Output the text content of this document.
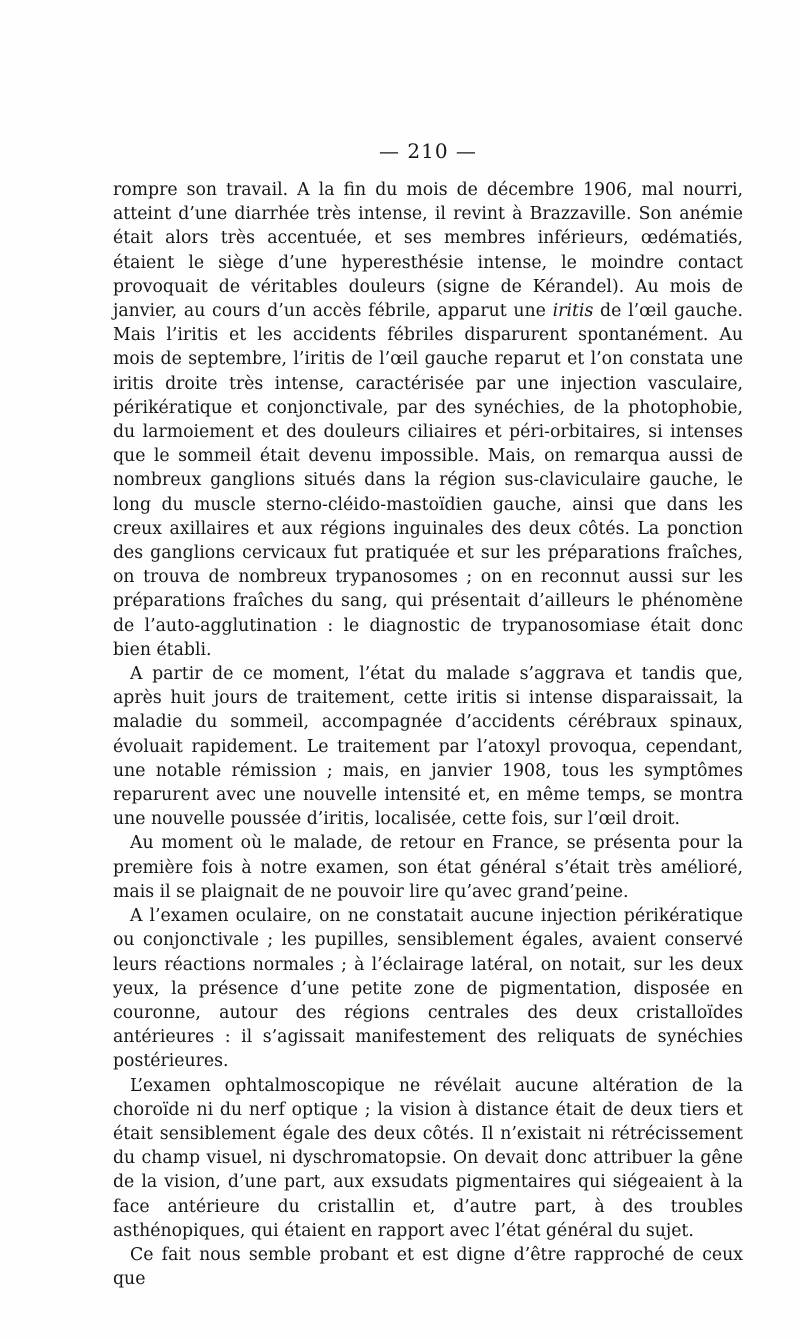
— 210 —

rompre son travail. A la fin du mois de décembre 1906, mal nourri, atteint d’une diarrhée très intense, il revint à Brazzaville. Son anémie était alors très accentuée, et ses membres inférieurs, œdématiés, étaient le siège d’une hyperesthésie intense, le moindre contact provoquait de véritables douleurs (signe de Kérandel). Au mois de janvier, au cours d’un accès fébrile, apparut une iritis de l’œil gauche. Mais l’iritis et les accidents fébriles disparurent spontanément. Au mois de septembre, l’iritis de l’œil gauche reparut et l’on constata une iritis droite très intense, caractérisée par une injection vasculaire, périkératique et conjonctivale, par des synéchies, de la photophobie, du larmoiement et des douleurs ciliaires et péri-orbitaires, si intenses que le sommeil était devenu impossible. Mais, on remarqua aussi de nombreux ganglions situés dans la région sus-claviculaire gauche, le long du muscle sterno-cléido-mastoïdien gauche, ainsi que dans les creux axillaires et aux régions inguinales des deux côtés. La ponction des ganglions cervicaux fut pratiquée et sur les préparations fraîches, on trouva de nombreux trypanosomes ; on en reconnut aussi sur les préparations fraîches du sang, qui présentait d’ailleurs le phénomène de l’auto-agglutination : le diagnostic de trypanosomiase était donc bien établi.

A partir de ce moment, l’état du malade s’aggrava et tandis que, après huit jours de traitement, cette iritis si intense disparaissait, la maladie du sommeil, accompagnée d’accidents cérébraux spinaux, évoluait rapidement. Le traitement par l’atoxyl provoqua, cependant, une notable rémission ; mais, en janvier 1908, tous les symptômes reparurent avec une nouvelle intensité et, en même temps, se montra une nouvelle poussée d’iritis, localisée, cette fois, sur l’œil droit.

Au moment où le malade, de retour en France, se présenta pour la première fois à notre examen, son état général s’était très amélioré, mais il se plaignait de ne pouvoir lire qu’avec grand’peine.

A l’examen oculaire, on ne constatait aucune injection périkératique ou conjonctivale ; les pupilles, sensiblement égales, avaient conservé leurs réactions normales ; à l’éclairage latéral, on notait, sur les deux yeux, la présence d’une petite zone de pigmentation, disposée en couronne, autour des régions centrales des deux cristalloïdes antérieures : il s’agissait manifestement des reliquats de synéchies postérieures.

L’examen ophtalmoscopique ne révélait aucune altération de la choroïde ni du nerf optique ; la vision à distance était de deux tiers et était sensiblement égale des deux côtés. Il n’existait ni rétrécissement du champ visuel, ni dyschromatopsie. On devait donc attribuer la gêne de la vision, d’une part, aux exsudats pigmentaires qui siégeaient à la face antérieure du cristallin et, d’autre part, à des troubles asthénopiques, qui étaient en rapport avec l’état général du sujet.

Ce fait nous semble probant et est digne d’être rapproché de ceux que
